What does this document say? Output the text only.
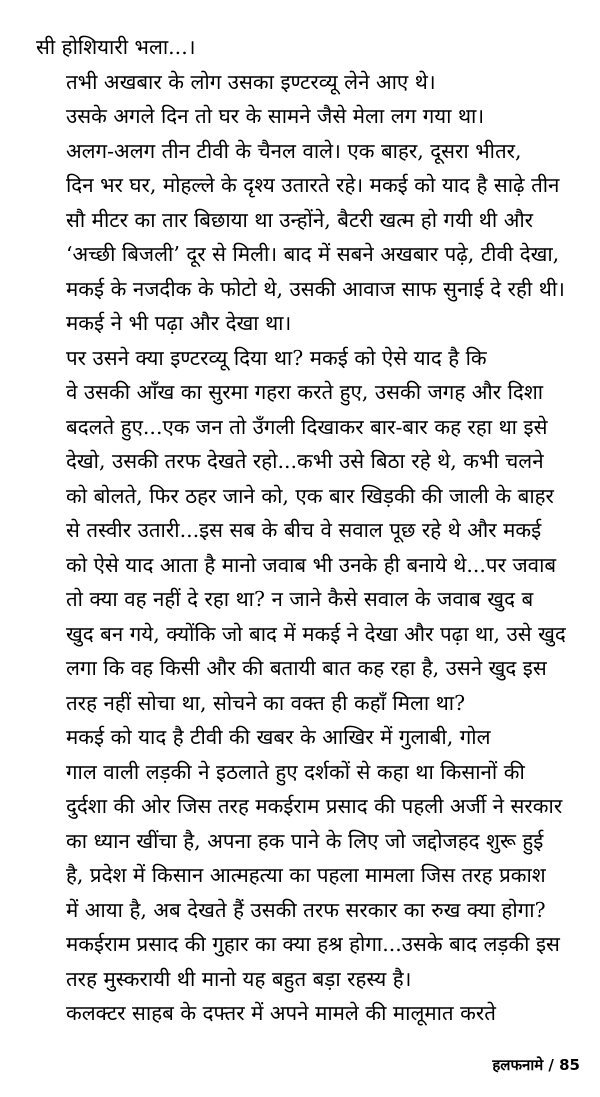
सी होशियारी भला...।

तभी अखबार के लोग उसका इण्टरव्यू लेने आए थे।

उसके अगले दिन तो घर के सामने जैसे मेला लग गया था।
अलग-अलग तीन टीवी के चैनल वाले। एक बाहर, दूसरा भीतर,
दिन भर घर, मोहल्ले के दृश्य उतारते रहे। मकई को याद है साढ़े तीन
सौ मीटर का तार बिछाया था उन्होंने, बैटरी खत्म हो गयी थी और
‘अच्छी बिजली’ दूर से मिली। बाद में सबने अखबार पढ़े, टीवी देखा,
मकई के नजदीक के फोटो थे, उसकी आवाज साफ सुनाई दे रही थी।
मकई ने भी पढ़ा और देखा था।

पर उसने क्या इण्टरव्यू दिया था? मकई को ऐसे याद है कि
वे उसकी आँख का सुरमा गहरा करते हुए, उसकी जगह और दिशा
बदलते हुए...एक जन तो उँगली दिखाकर बार-बार कह रहा था इसे
देखो, उसकी तरफ देखते रहो...कभी उसे बिठा रहे थे, कभी चलने
को बोलते, फिर ठहर जाने को, एक बार खिड़की की जाली के बाहर
से तस्वीर उतारी...इस सब के बीच वे सवाल पूछ रहे थे और मकई
को ऐसे याद आता है मानो जवाब भी उनके ही बनाये थे...पर जवाब
तो क्या वह नहीं दे रहा था? न जाने कैसे सवाल के जवाब खुद ब
खुद बन गये, क्योंकि जो बाद में मकई ने देखा और पढ़ा था, उसे खुद
लगा कि वह किसी और की बतायी बात कह रहा है, उसने खुद इस
तरह नहीं सोचा था, सोचने का वक्त ही कहाँ मिला था?

मकई को याद है टीवी की खबर के आखिर में गुलाबी, गोल
गाल वाली लड़की ने इठलाते हुए दर्शकों से कहा था किसानों की
दुर्दशा की ओर जिस तरह मकईराम प्रसाद की पहली अर्जी ने सरकार
का ध्यान खींचा है, अपना हक पाने के लिए जो जद्दोजहद शुरू हुई
है, प्रदेश में किसान आत्महत्या का पहला मामला जिस तरह प्रकाश
में आया है, अब देखते हैं उसकी तरफ सरकार का रुख क्या होगा?
मकईराम प्रसाद की गुहार का क्या हश्र होगा...उसके बाद लड़की इस
तरह मुस्करायी थी मानो यह बहुत बड़ा रहस्य है।

कलक्टर साहब के दफ्तर में अपने मामले की मालूमात करते

हलफनामे / 85
